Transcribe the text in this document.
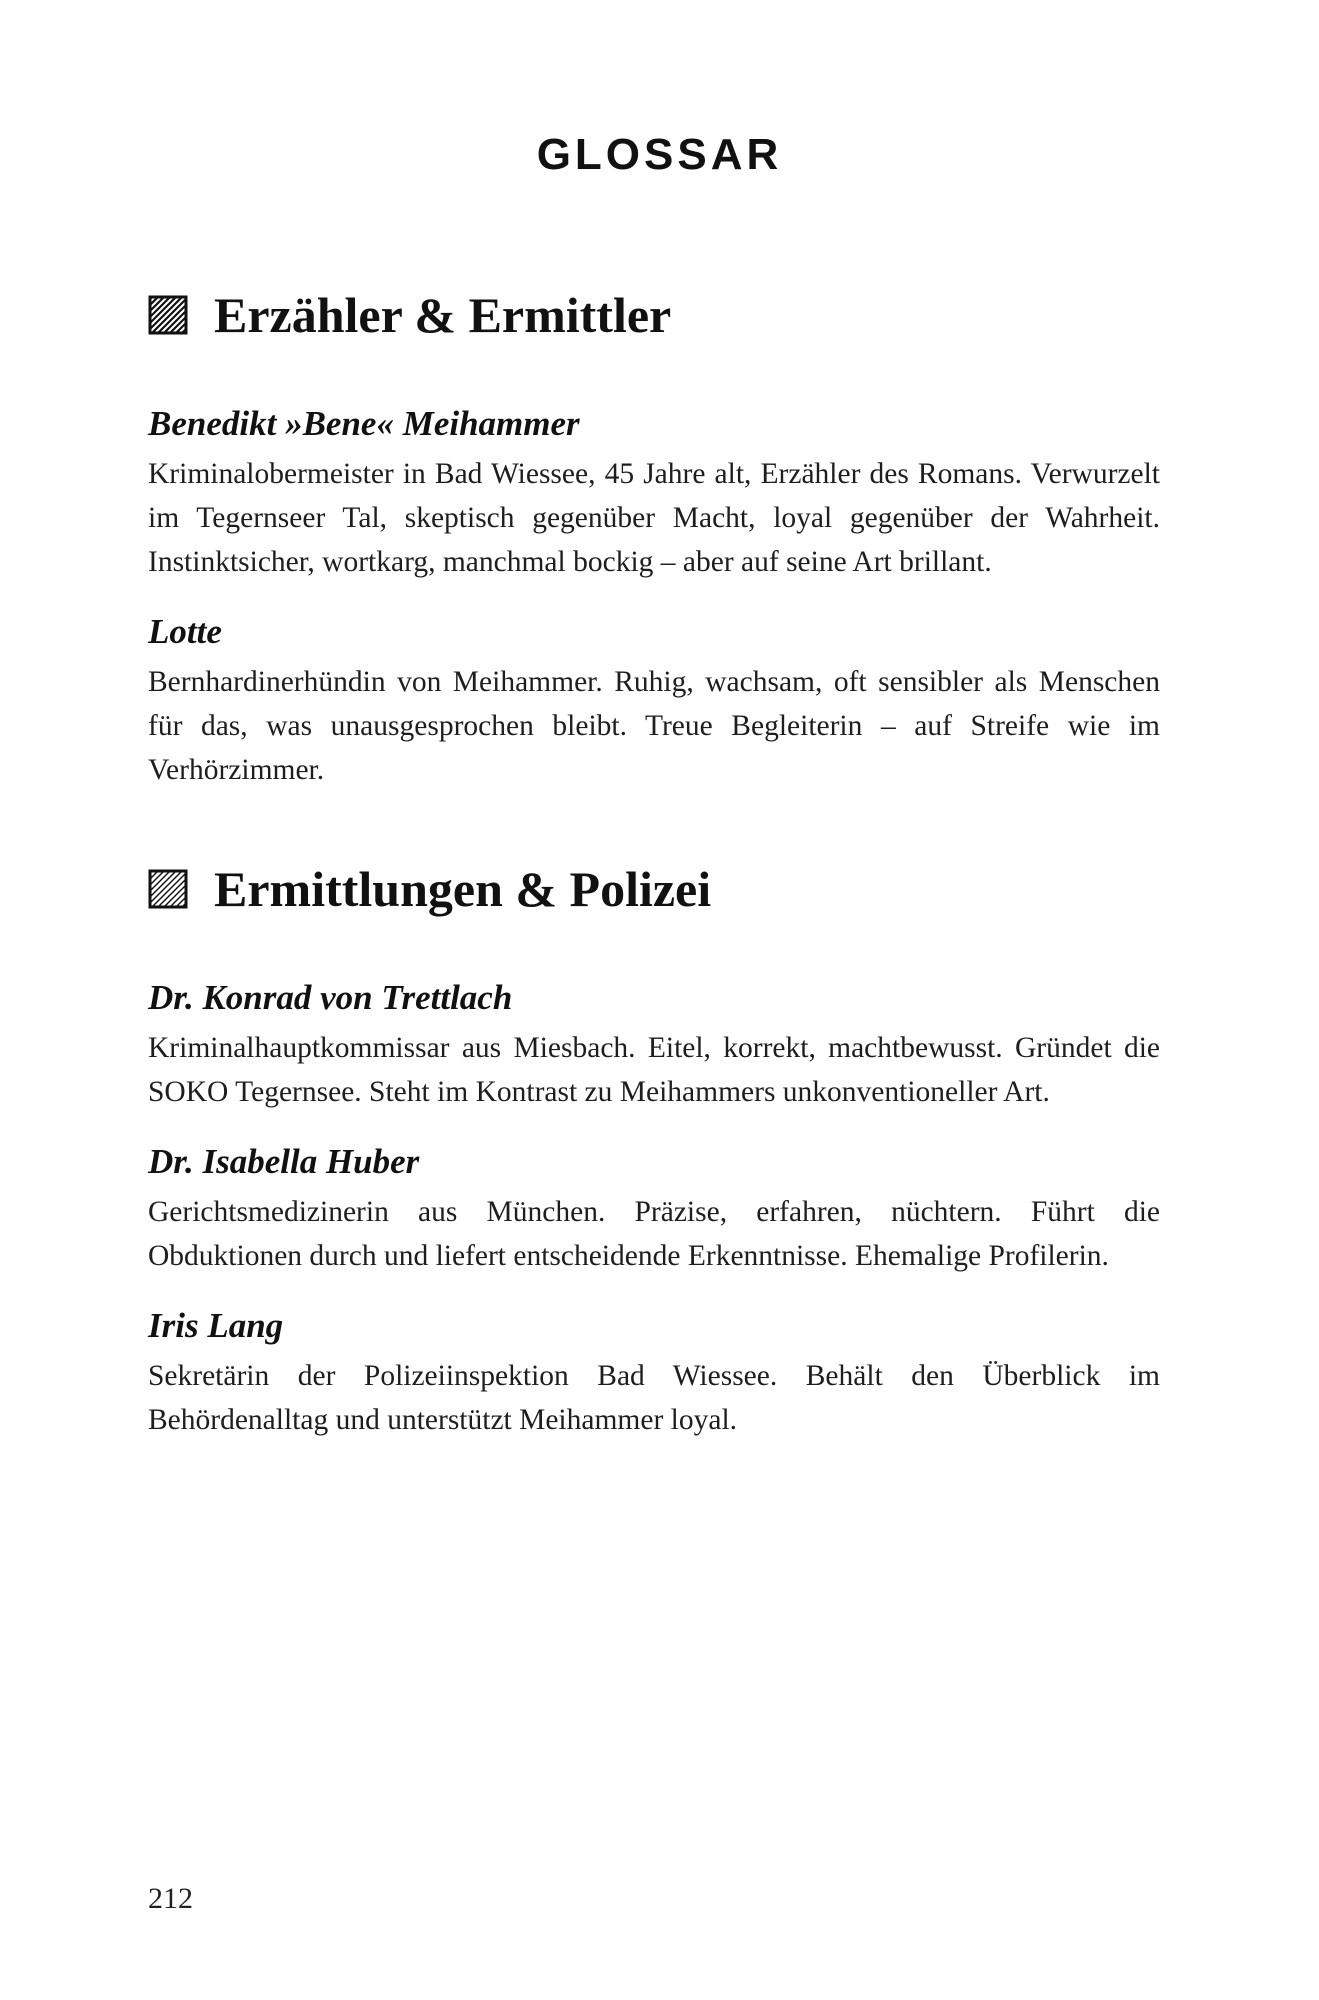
GLOSSAR
Erzähler & Ermittler
Benedikt »Bene« Meihammer

Kriminalobermeister in Bad Wiessee, 45 Jahre alt, Erzähler des Romans. Verwurzelt im Tegernseer Tal, skeptisch gegenüber Macht, loyal gegenüber der Wahrheit. Instinktsicher, wortkarg, manchmal bockig – aber auf seine Art brillant.

Lotte

Bernhardinerhündin von Meihammer. Ruhig, wachsam, oft sensibler als Menschen für das, was unausgesprochen bleibt. Treue Begleiterin – auf Streife wie im Verhörzimmer.

Ermittlungen & Polizei
Dr. Konrad von Trettlach

Kriminalhauptkommissar aus Miesbach. Eitel, korrekt, machtbewusst. Gründet die SOKO Tegernsee. Steht im Kontrast zu Meihammers unkonventioneller Art.

Dr. Isabella Huber

Gerichtsmedizinerin aus München. Präzise, erfahren, nüchtern. Führt die Obduktionen durch und liefert entscheidende Erkenntnisse. Ehemalige Profilerin.

Iris Lang

Sekretärin der Polizeiinspektion Bad Wiessee. Behält den Überblick im Behördenalltag und unterstützt Meihammer loyal.

212
